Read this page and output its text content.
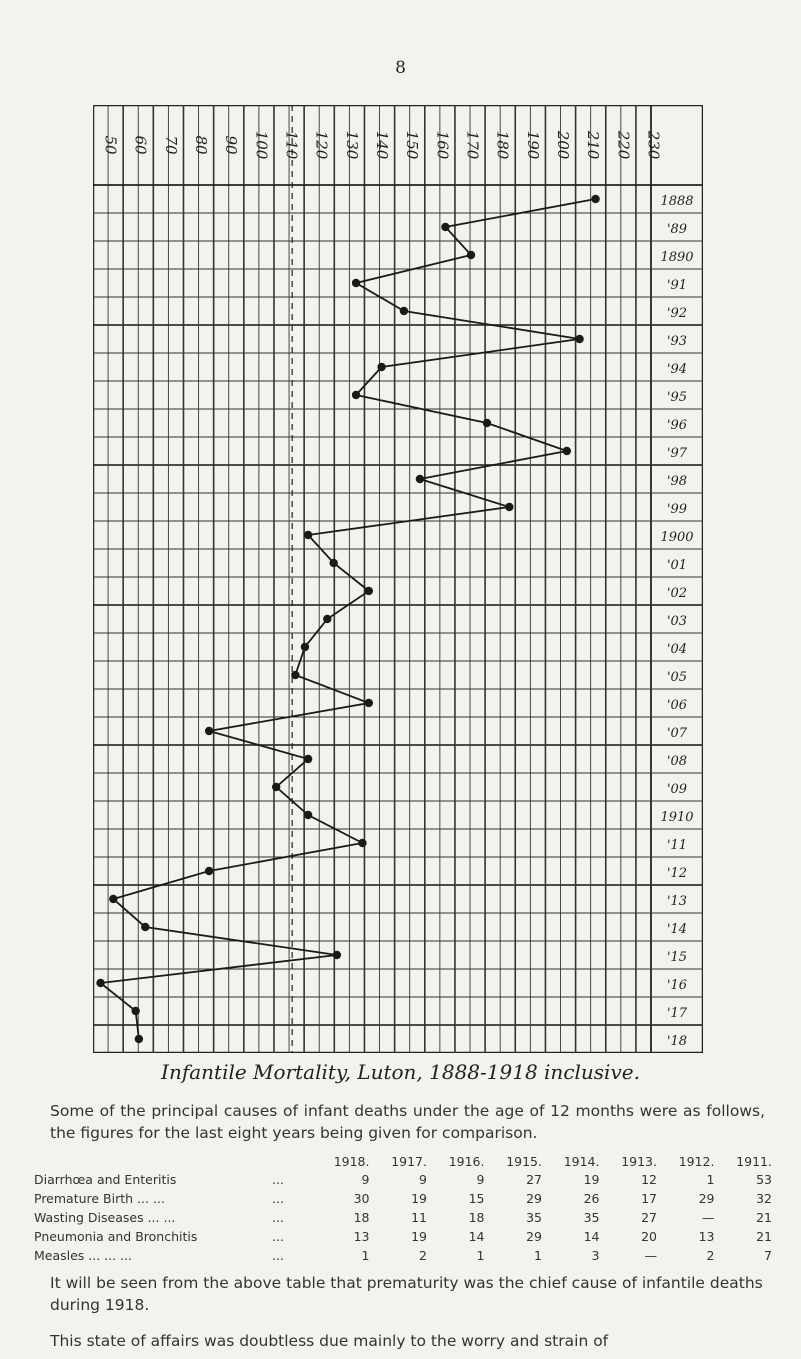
8
50 60 70 80 90 100 110 120 130 140 150 160 170 180 190 200 210 220 230
1888
'89
1890
'91
'92
'93
'94
'95
'96
'97
'98
'99
1900
'01
'02
'03
'04
'05
'06
'07
'08
'09
1910
'11
'12
'13
'14
'15
'16
'17
'18
Infantile Mortality, Luton, 1888-1918 inclusive.
Some of the principal causes of infant deaths under the age of 12 months were as follows, the figures for the last eight years being given for comparison.
		1918.	1917.	1916.	1915.	1914.	1913.	1912.	1911.
Diarrhœa and Enteritis	...	9	9	9	27	19	12	1	53
Premature Birth ... ...	...	30	19	15	29	26	17	29	32
Wasting Diseases ... ...	...	18	11	18	35	35	27	—	21
Pneumonia and Bronchitis	...	13	19	14	29	14	20	13	21
Measles ... ... ...	...	1	2	1	1	3	—	2	7
It will be seen from the above table that prematurity was the chief cause of infantile deaths during 1918.
This state of affairs was doubtless due mainly to the worry and strain of
